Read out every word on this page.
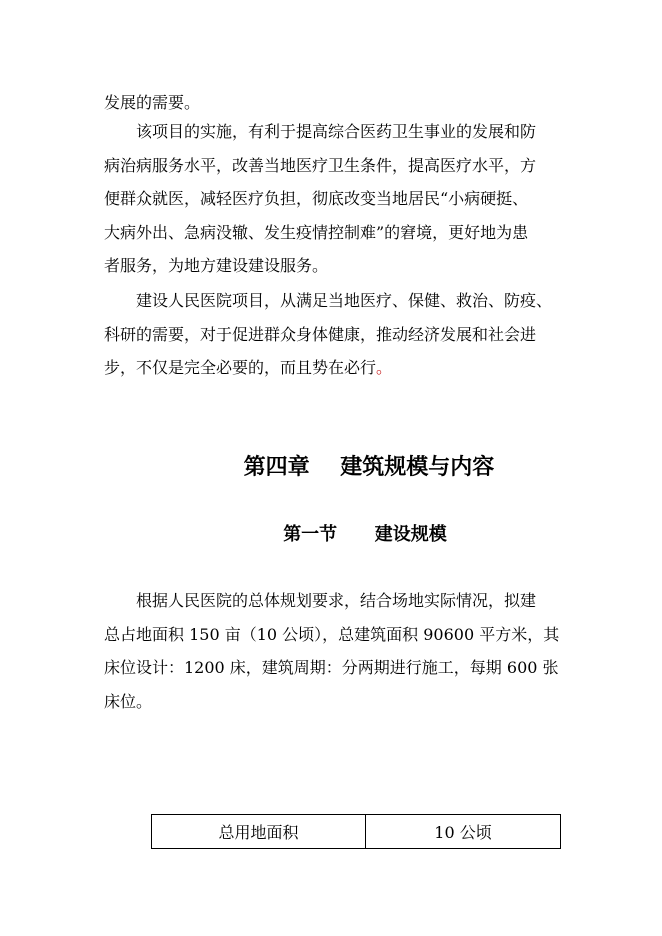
发展的需要。

该项目的实施，有利于提高综合医药卫生事业的发展和防
病治病服务水平，改善当地医疗卫生条件，提高医疗水平，方
便群众就医，减轻医疗负担，彻底改变当地居民“小病硬挺、
大病外出、急病没辙、发生疫情控制难”的窘境，更好地为患
者服务，为地方建设建设服务。

建设人民医院项目，从满足当地医疗、保健、救治、防疫、
科研的需要，对于促进群众身体健康，推动经济发展和社会进
步，不仅是完全必要的，而且势在必行。

第四章    建筑规模与内容
第一节      建设规模

根据人民医院的总体规划要求，结合场地实际情况，拟建
总占地面积 150 亩（10 公顷），总建筑面积 90600 平方米，其
床位设计：1200 床，建筑周期：分两期进行施工，每期 600 张
床位。

总用地面积	10 公顷
